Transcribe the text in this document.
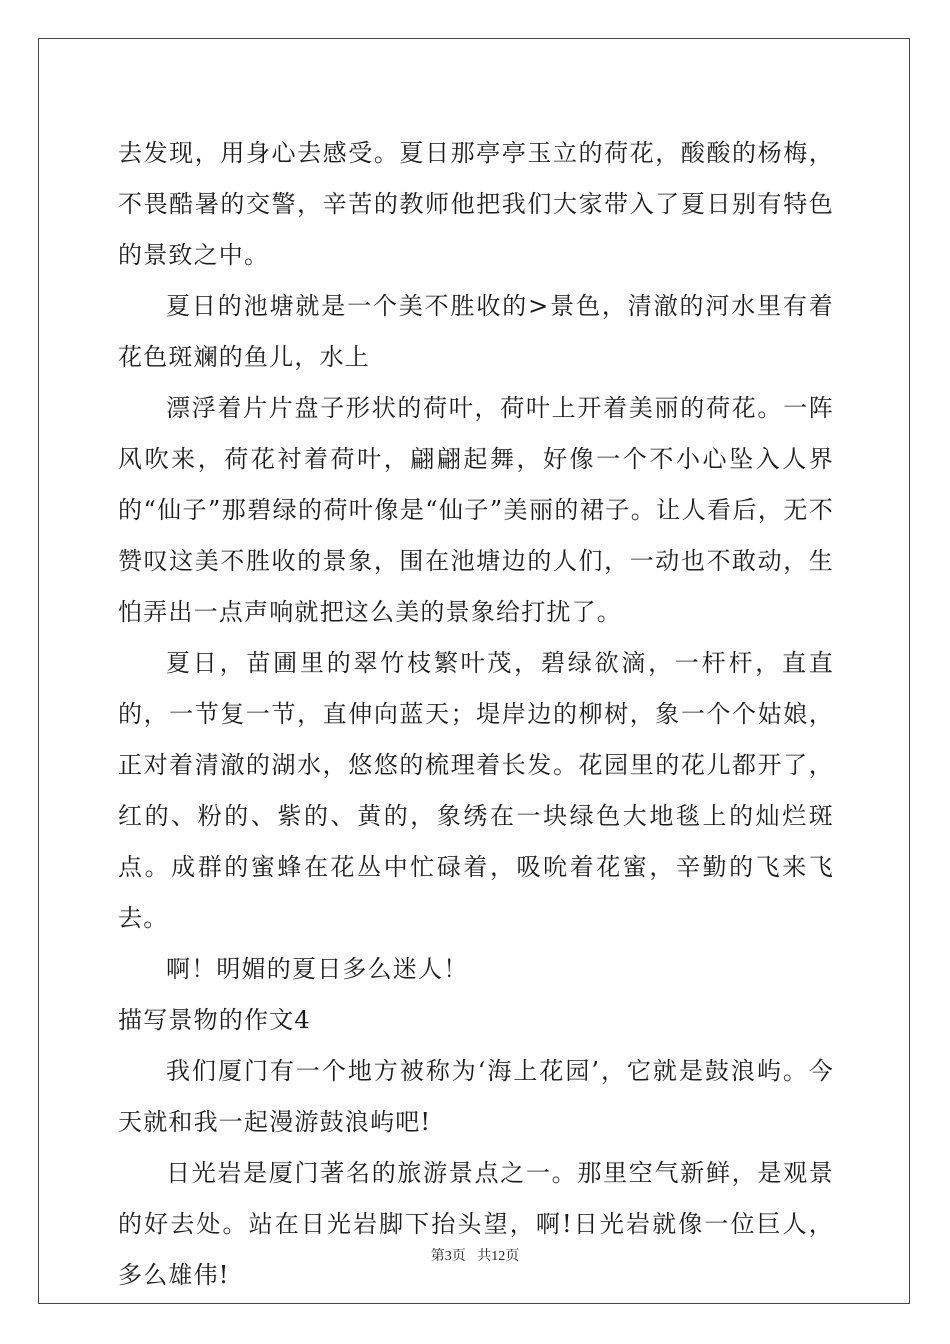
去发现，用身心去感受。夏日那亭亭玉立的荷花，酸酸的杨梅，不畏酷暑的交警，辛苦的教师他把我们大家带入了夏日别有特色的景致之中。

夏日的池塘就是一个美不胜收的>景色，清澈的河水里有着花色斑斓的鱼儿，水上

漂浮着片片盘子形状的荷叶，荷叶上开着美丽的荷花。一阵风吹来，荷花衬着荷叶，翩翩起舞，好像一个不小心坠入人界的“仙子”那碧绿的荷叶像是“仙子”美丽的裙子。让人看后，无不赞叹这美不胜收的景象，围在池塘边的人们，一动也不敢动，生怕弄出一点声响就把这么美的景象给打扰了。

夏日，苗圃里的翠竹枝繁叶茂，碧绿欲滴，一杆杆，直直的，一节复一节，直伸向蓝天；堤岸边的柳树，象一个个姑娘，正对着清澈的湖水，悠悠的梳理着长发。花园里的花儿都开了，红的、粉的、紫的、黄的，象绣在一块绿色大地毯上的灿烂斑点。成群的蜜蜂在花丛中忙碌着，吸吮着花蜜，辛勤的飞来飞去。

啊！明媚的夏日多么迷人！

描写景物的作文4

我们厦门有一个地方被称为‘海上花园’，它就是鼓浪屿。今天就和我一起漫游鼓浪屿吧!

日光岩是厦门著名的旅游景点之一。那里空气新鲜，是观景的好去处。站在日光岩脚下抬头望，啊!日光岩就像一位巨人，多么雄伟!

第3页 共12页
